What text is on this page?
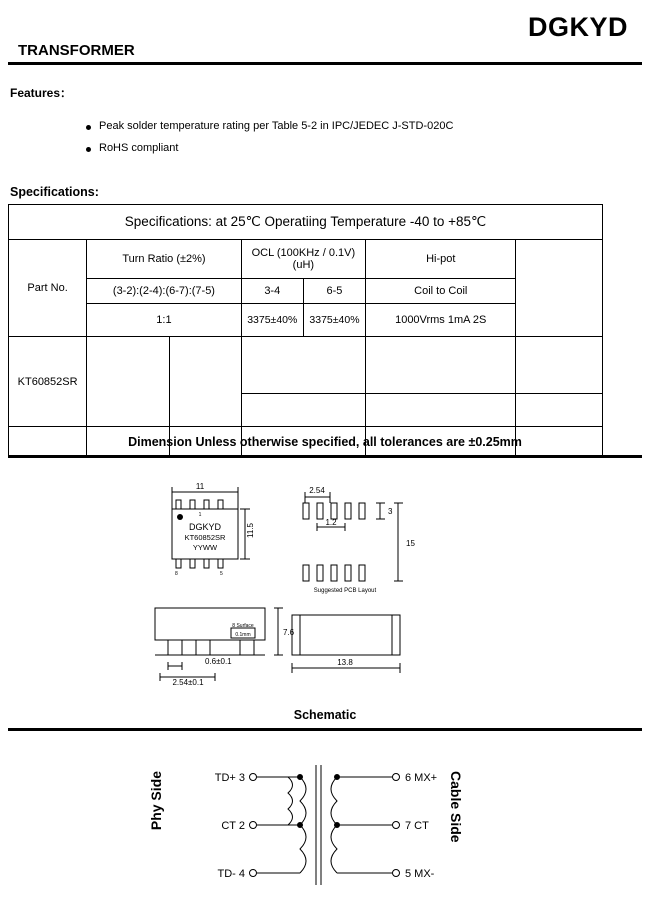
DGKYD
TRANSFORMER
Features：
Peak solder temperature rating per Table 5-2 in IPC/JEDEC J-STD-020C
RoHS compliant
Specifications:
Specifications: at 25℃ Operatiing Temperature -40 to +85℃						
Part No.	Turn Ratio (±2%)		OCL (100KHz / 0.1V) (uH)		Hi-pot	
	(3-2):(2-4):(6-7):(7-5)		3-4	6-5	Coil to Coil	
	1:1		3375±40%	3375±40%	1000Vrms 1mA 2S	
KT60852SR						

Dimension Unless otherwise specified, all tolerances are ±0.25mm
11
1
8	5
DGKYD
KT60852SR
YYWW
11.5
2.54
1.2
3
15
Suggested PCB Layout
7.6
0.6±0.1
2.54±0.1
13.8
8 Surface
0.1mm
Schematic
TD+ 3
CT 2
TD- 4
6 MX+
7 CT
5 MX-
Phy Side	Cable Side
